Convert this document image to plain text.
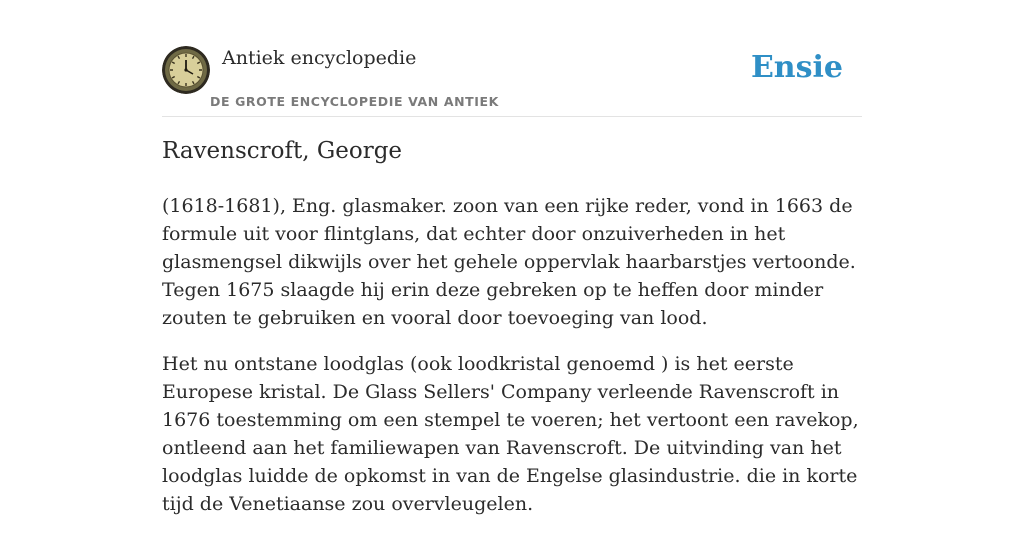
Antiek encyclopedie
DE GROTE ENCYCLOPEDIE VAN ANTIEK
Ensie
Ravenscroft, George

(1618-1681), Eng. glasmaker. zoon van een rijke reder, vond in 1663 de formule uit voor flintglans, dat echter door onzuiverheden in het glasmengsel dikwijls over het gehele oppervlak haarbarstjes vertoonde. Tegen 1675 slaagde hij erin deze gebreken op te heffen door minder zouten te gebruiken en vooral door toevoeging van lood.

Het nu ontstane loodglas (ook loodkristal genoemd ) is het eerste Europese kristal. De Glass Sellers' Company verleende Ravenscroft in 1676 toestemming om een stempel te voeren; het vertoont een ravekop, ontleend aan het familiewapen van Ravenscroft. De uitvinding van het loodglas luidde de opkomst in van de Engelse glasindustrie. die in korte tijd de Venetiaanse zou overvleugelen.
